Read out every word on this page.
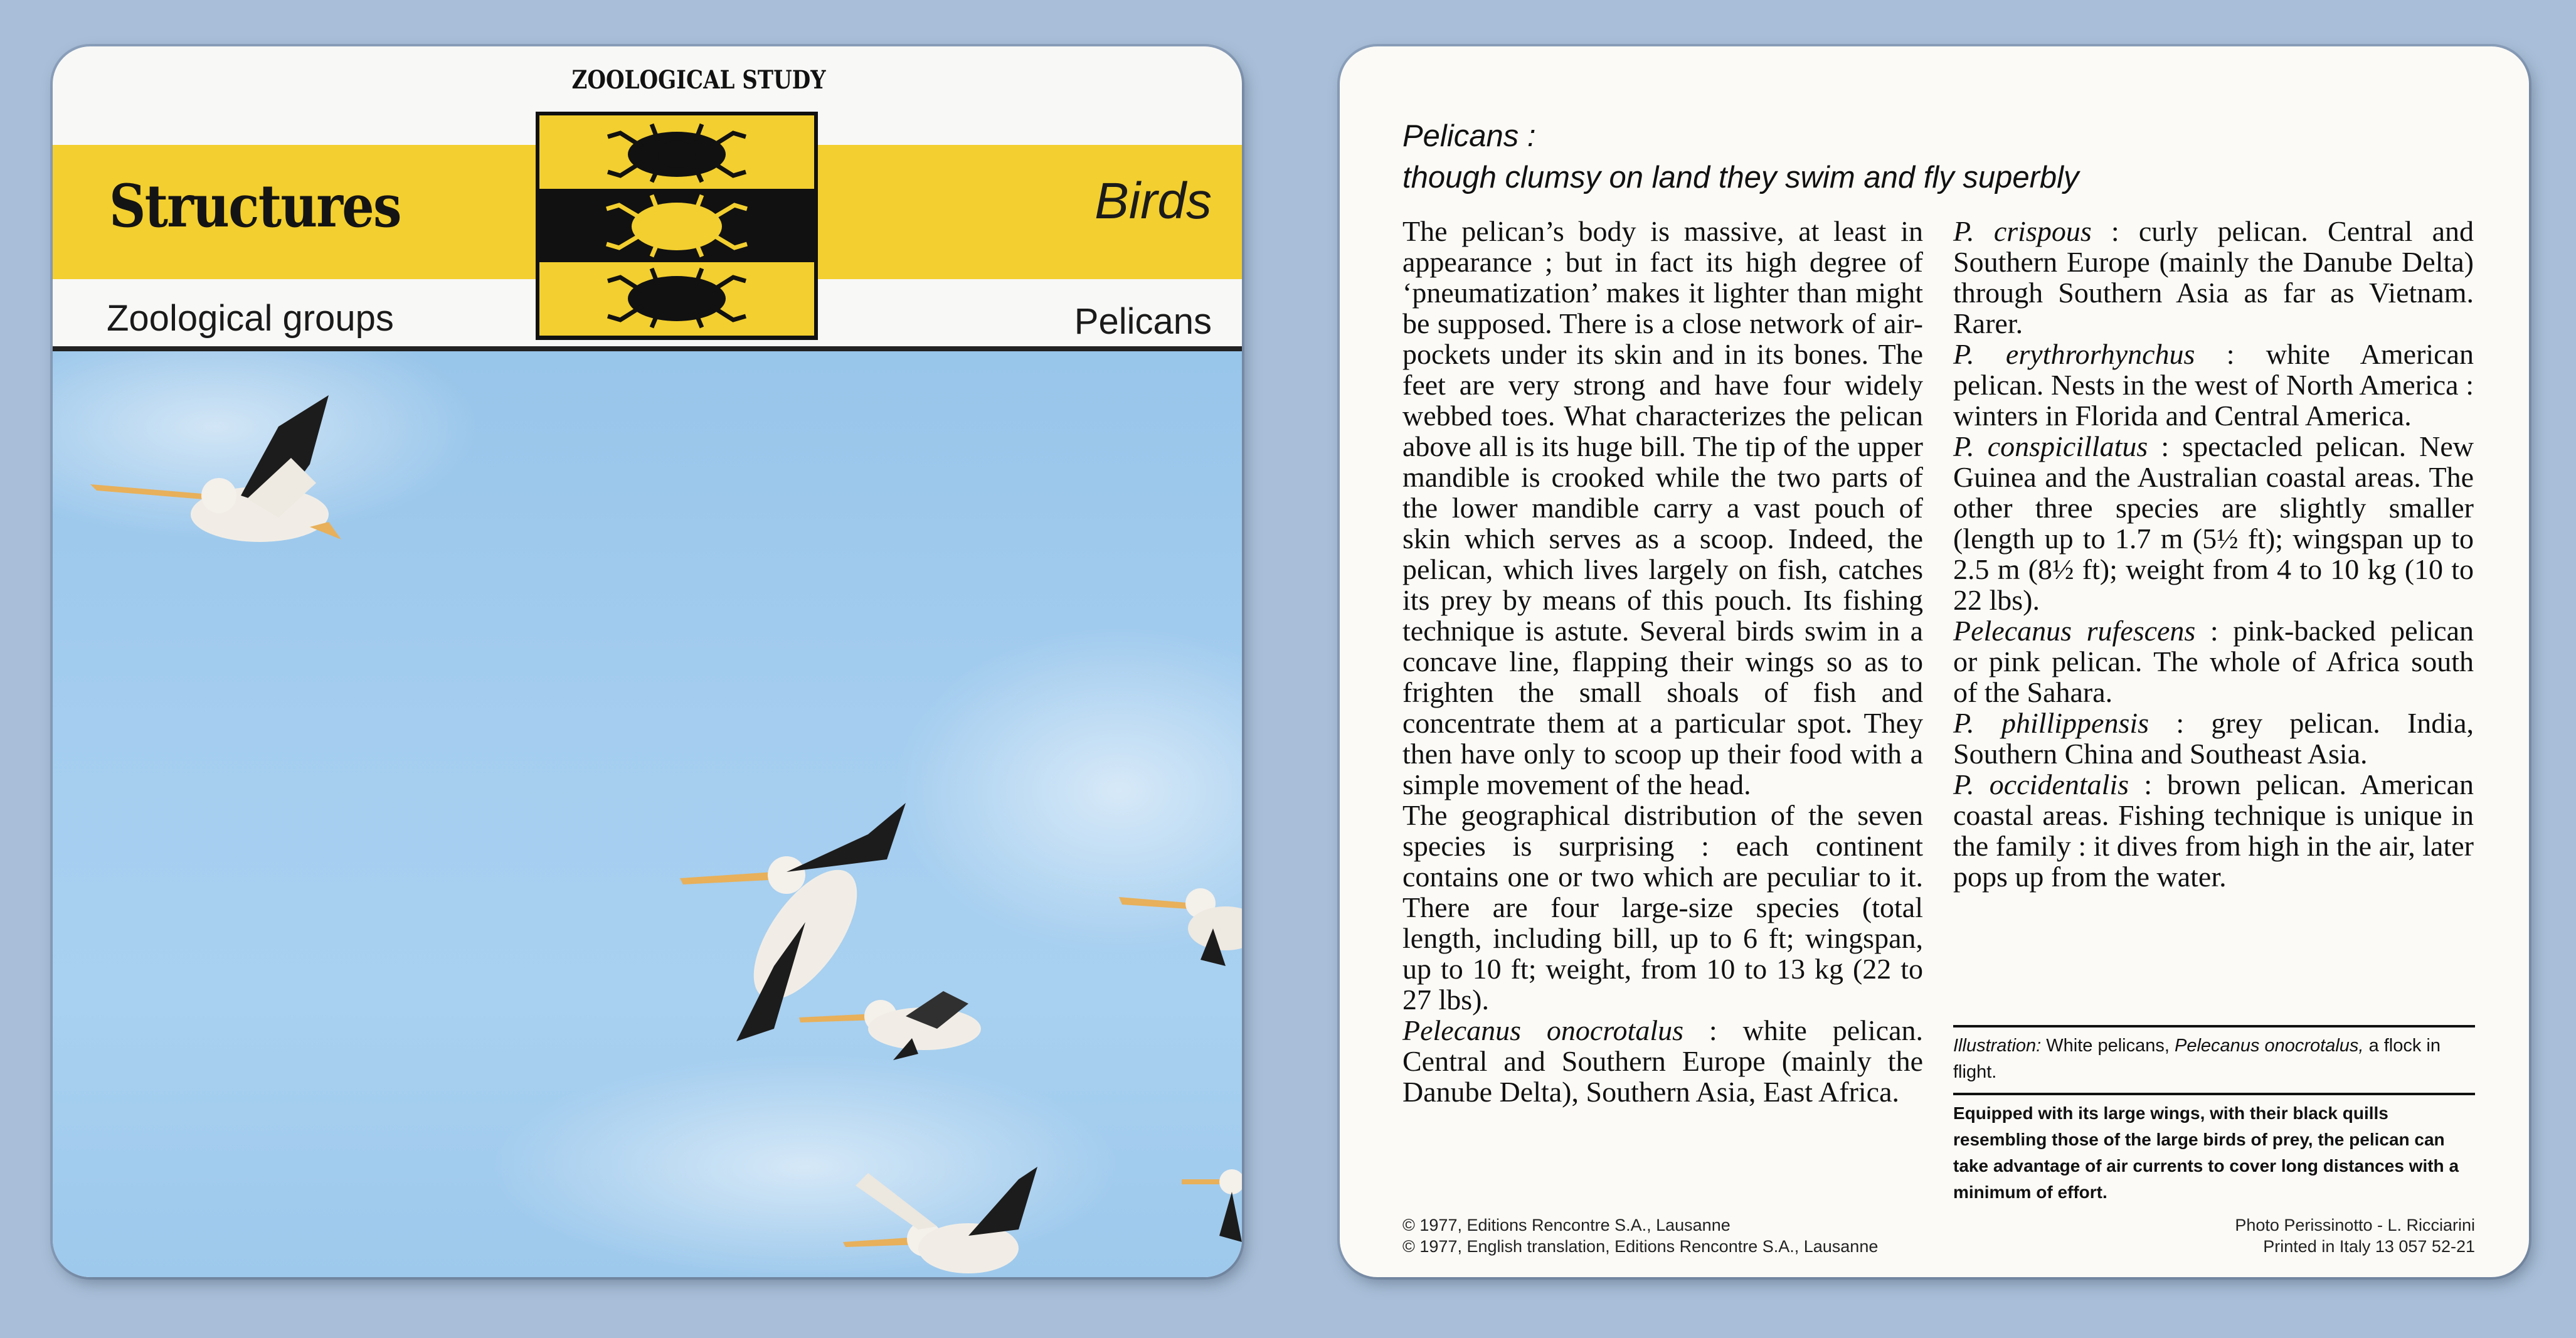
ZOOLOGICAL STUDY
Structures	Birds
Zoological groups	Pelicans
Pelicans :
though clumsy on land they swim and fly superbly

The pelican’s body is massive, at least in appearance ; but in fact its high degree of ‘pneumatization’ makes it lighter than might be supposed. There is a close network of air-pockets under its skin and in its bones. The feet are very strong and have four widely webbed toes. What characterizes the pelican above all is its huge bill. The tip of the upper mandible is crooked while the two parts of the lower mandible carry a vast pouch of skin which serves as a scoop. Indeed, the pelican, which lives largely on fish, catches its prey by means of this pouch. Its fishing technique is astute. Several birds swim in a concave line, flapping their wings so as to frighten the small shoals of fish and concentrate them at a particular spot. They then have only to scoop up their food with a simple movement of the head.

The geographical distribution of the seven species is surprising : each continent contains one or two which are peculiar to it. There are four large-size species (total length, including bill, up to 6 ft; wingspan, up to 10 ft; weight, from 10 to 13 kg (22 to 27 lbs).

Pelecanus onocrotalus : white pelican. Central and Southern Europe (mainly the Danube Delta), Southern Asia, East Africa.

P. crispous : curly pelican. Central and Southern Europe (mainly the Danube Delta) through Southern Asia as far as Vietnam. Rarer.

P. erythrorhynchus : white American pelican. Nests in the west of North America : winters in Florida and Central America.

P. conspicillatus : spectacled pelican. New Guinea and the Australian coastal areas. The other three species are slightly smaller (length up to 1.7 m (5½ ft); wingspan up to 2.5 m (8½ ft); weight from 4 to 10 kg (10 to 22 lbs).

Pelecanus rufescens : pink-backed pelican or pink pelican. The whole of Africa south of the Sahara.

P. phillippensis : grey pelican. India, Southern China and Southeast Asia.

P. occidentalis : brown pelican. American coastal areas. Fishing technique is unique in the family : it dives from high in the air, later pops up from the water.

Illustration: White pelicans, Pelecanus onocrotalus, a flock in flight.
Equipped with its large wings, with their black quills resembling those of the large birds of prey, the pelican can take advantage of air currents to cover long distances with a minimum of effort.
© 1977, Editions Rencontre S.A., Lausanne
© 1977, English translation, Editions Rencontre S.A., Lausanne
Photo Perissinotto - L. Ricciarini
Printed in Italy 13 057 52-21
